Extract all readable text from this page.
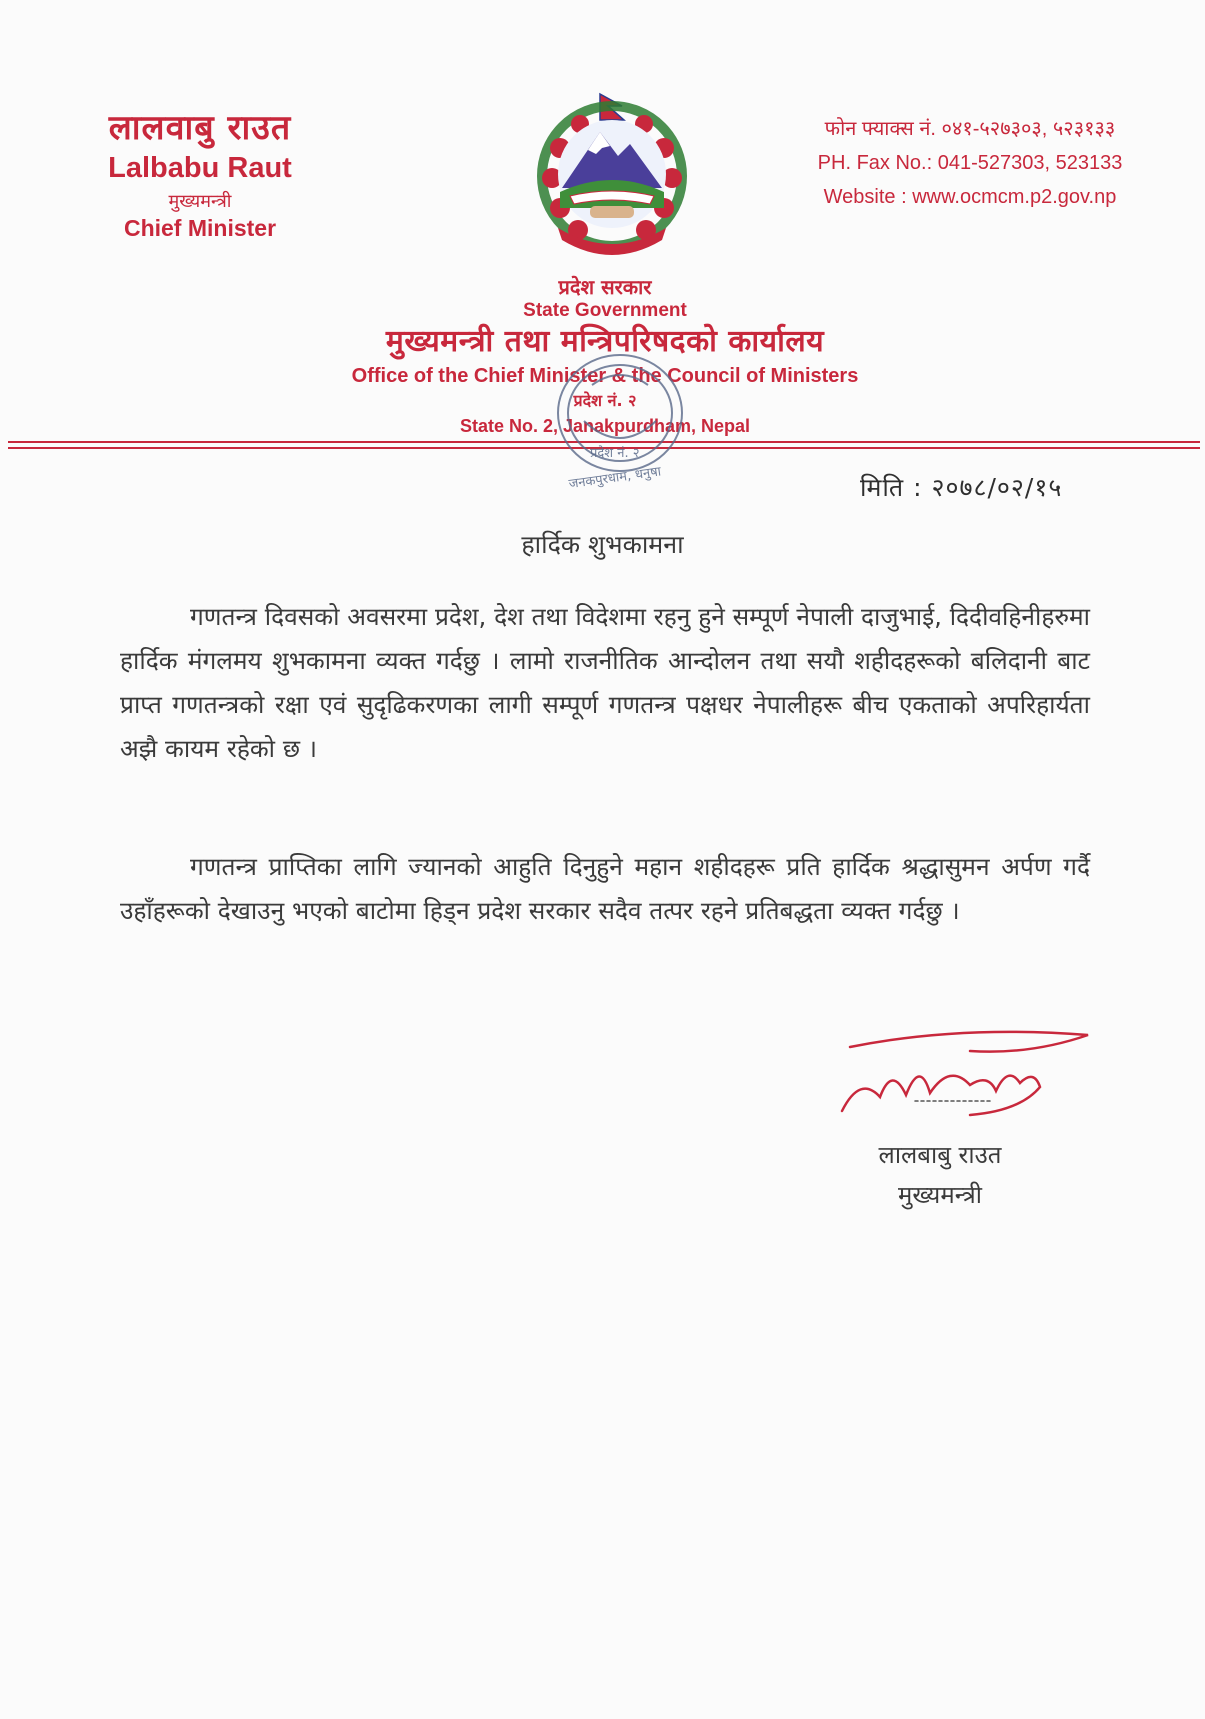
लालवाबु राउत
Lalbabu Raut
मुख्यमन्त्री
Chief Minister
फोन फ्याक्स नं. ०४१-५२७३०३, ५२३१३३
PH. Fax No.: 041-527303, 523133
Website : www.ocmcm.p2.gov.np
प्रदेश सरकार
State Government
मुख्यमन्त्री तथा मन्त्रिपरिषदको कार्यालय
Office of the Chief Minister & the Council of Ministers
प्रदेश नं. २
State No. 2, Janakpurdham, Nepal
प्रदेश नं. २
जनकपुरधाम, धनुषा	मिति : २०७८/०२/१५
हार्दिक शुभकामना
गणतन्त्र दिवसको अवसरमा प्रदेश, देश तथा विदेशमा रहनु हुने सम्पूर्ण नेपाली दाजुभाई, दिदीवहिनीहरुमा हार्दिक मंगलमय शुभकामना व्यक्त गर्दछु । लामो राजनीतिक आन्दोलन तथा सयौ शहीदहरूको बलिदानी बाट प्राप्त गणतन्त्रको रक्षा एवं सुदृढिकरणका लागी सम्पूर्ण गणतन्त्र पक्षधर नेपालीहरू बीच एकताको अपरिहार्यता अझै कायम रहेको छ ।
गणतन्त्र प्राप्तिका लागि ज्यानको आहुति दिनुहुने महान शहीदहरू प्रति हार्दिक श्रद्धासुमन अर्पण गर्दै उहाँहरूको देखाउनु भएको बाटोमा हिड्न प्रदेश सरकार सदैव तत्पर रहने प्रतिबद्धता व्यक्त गर्दछु ।
लालबाबु राउत
मुख्यमन्त्री
